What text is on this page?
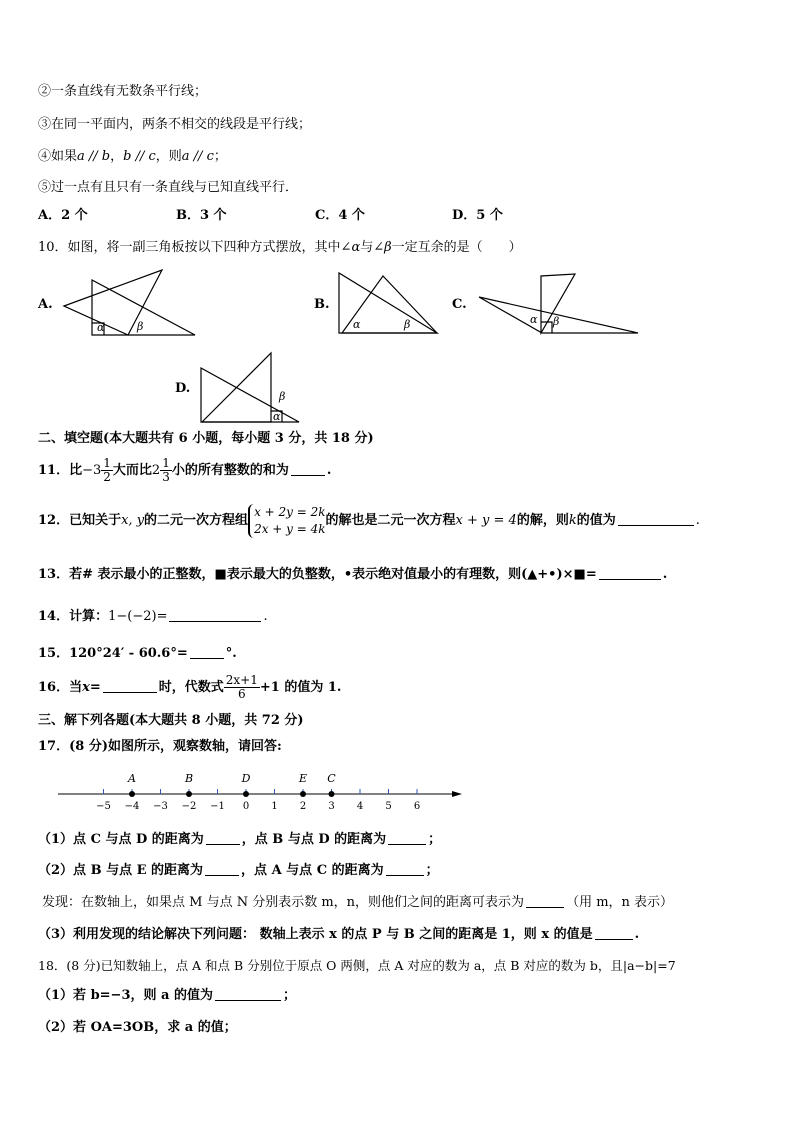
②一条直线有无数条平行线；
③在同一平面内，两条不相交的线段是平行线；
④如果a // b，b // c，则a // c；
⑤过一点有且只有一条直线与已知直线平行．
A．2 个	B．3 个	C．4 个	D．5 个
10．如图，将一副三角板按以下四种方式摆放，其中∠α与∠β一定互余的是（　　）
A.	B.	C.
D.
α	β	α	β	α β
β
α
二、填空题(本大题共有 6 小题，每小题 3 分，共 18 分)
11．比$-3 \frac{1}{2}$ 大而比$2 \frac{1}{3}$ 小的所有整数的和为	.
12．已知关于x, y的二元一次方程组
x + 2y = 2k
2x + y = 4k
的解也是二元一次方程x + y = 4的解，则k的值为	.
13．若# 表示最小的正整数，■表示最大的负整数，•表示绝对值最小的有理数，则(▲+•)×■=	.
14．计算：1−(−2)=	.
15．120°24′ - 60.6°=	°.
16．当x=	时，代数式 $\frac{2x+1}{6} +1$ 的值为 1.
三、解下列各题(本大题共 8 小题，共 72 分)
17．(8 分)如图所示，观察数轴，请回答:
−5 −4 −3 −2 −1 0 1 2 3 4 5 6
A	B	D	E C
（1）点 C 与点 D 的距离为	，点 B 与点 D 的距离为	；
（2）点 B 与点 E 的距离为	，点 A 与点 C 的距离为	；
发现：在数轴上，如果点 M 与点 N 分别表示数 m，n，则他们之间的距离可表示为	（用 m，n 表示）
（3）利用发现的结论解决下列问题： 数轴上表示 x 的点 P 与 B 之间的距离是 1，则 x 的值是	.
18．(8 分)已知数轴上，点 A 和点 B 分别位于原点 O 两侧，点 A 对应的数为 a，点 B 对应的数为 b，且|a−b|=7
（1）若 b=−3，则 a 的值为	；
（2）若 OA=3OB，求 a 的值；
